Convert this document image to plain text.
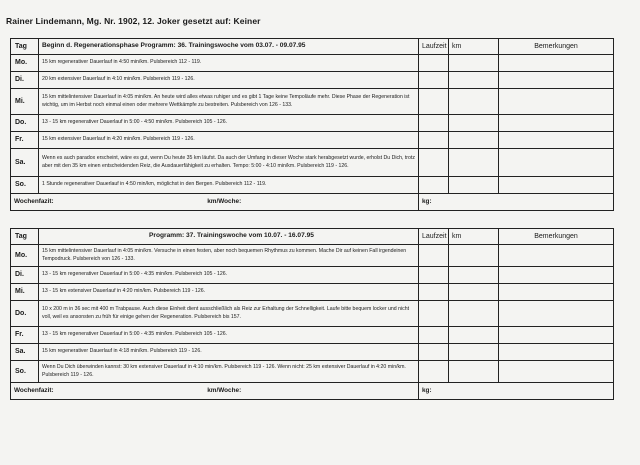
Rainer Lindemann, Mg. Nr. 1902, 12. Joker gesetzt auf: Keiner
Tag	Beginn d. Regenerationsphase Programm: 36. Trainingswoche vom 03.07. - 09.07.95	Laufzeit	km	Bemerkungen
Mo.	15 km regenerativer Dauerlauf in 4:50 min/km. Pulsbereich 112 - 119.			
Di.	20 km extensiver Dauerlauf in 4:10 min/km. Pulsbereich 119 - 126.			
Mi.	15 km mittelintensiver Dauerlauf in 4:05 min/km. An heute wird alles etwas ruhiger und es gibt 1 Tage keine Tempoläufe mehr. Diese Phase der Regeneration ist wichtig, um im Herbst noch einmal einen oder mehrere Wettkämpfe zu bestreiten. Pulsbereich von 126 - 133.			
Do.	13 - 15 km regenerativer Dauerlauf in 5:00 - 4:50 min/km. Pulsbereich 105 - 126.			
Fr.	15 km extensiver Dauerlauf in 4:20 min/km. Pulsbereich 119 - 126.			
Sa.	Wenn es auch paradox erscheint, wäre es gut, wenn Du heute 35 km läufst. Da auch der Umfang in dieser Woche stark herabgesetzt wurde, erholst Du Dich, trotz aber mit den 35 km einen entscheidenden Reiz, die Ausdauerfähigkeit zu erhalten. Tempo: 5:00 - 4:10 min/km. Pulsbereich 119 - 126.			
So.	1 Stunde regenerativer Dauerlauf in 4:50 min/km, möglichst in den Bergen. Pulsbereich 112 - 119.			
Wochenfazit: km/Woche:		kg:		
Tag	Programm: 37. Trainingswoche vom 10.07. - 16.07.95	Laufzeit	km	Bemerkungen
Mo.	15 km mittelintensiver Dauerlauf in 4:05 min/km. Versuche in einen festen, aber noch bequemen Rhythmus zu kommen. Mache Dir auf keinen Fall irgendeinen Tempodruck. Pulsbereich von 126 - 133.			
Di.	13 - 15 km regenerativer Dauerlauf in 5:00 - 4:35 min/km. Pulsbereich 105 - 126.			
Mi.	13 - 15 km extensiver Dauerlauf in 4:20 min/km. Pulsbereich 119 - 126.			
Do.	10 x 200 m in 36 sec mit 400 m Trabpause. Auch diese Einheit dient ausschließlich als Reiz zur Erhaltung der Schnelligkeit. Laufe bitte bequem locker und nicht voll, weil es ansonsten zu früh für einige gehen der Regeneration. Pulsbereich bis 157.			
Fr.	13 - 15 km regenerativer Dauerlauf in 5:00 - 4:35 min/km. Pulsbereich 105 - 126.			
Sa.	15 km regenerativer Dauerlauf in 4:18 min/km. Pulsbereich 119 - 126.			
So.	Wenn Du Dich überwinden kannst: 30 km extensiver Dauerlauf in 4:10 min/km. Pulsbereich 119 - 126. Wenn nicht: 25 km extensiver Dauerlauf in 4:20 min/km. Pulsbereich 119 - 126.			
Wochenfazit: km/Woche:		kg:		
